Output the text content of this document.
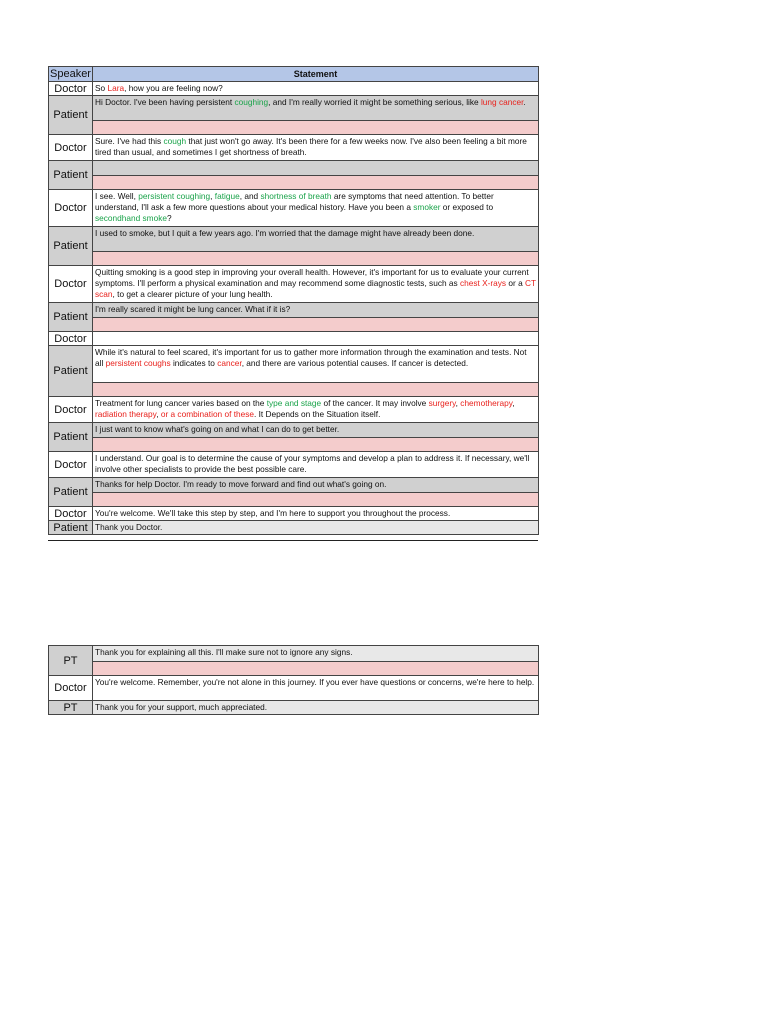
Speaker	Statement
Doctor	So Lara, how you are feeling now?
Patient	Hi Doctor. I've been having persistent coughing, and I'm really worried it might be something serious, like lung cancer.

Doctor	Sure. I've had this cough that just won't go away. It's been there for a few weeks now. I've also been feeling a bit more tired than usual, and sometimes I get shortness of breath.
Patient	

Doctor	I see. Well, persistent coughing, fatigue, and shortness of breath are symptoms that need attention. To better understand, I'll ask a few more questions about your medical history. Have you been a smoker or exposed to secondhand smoke?
Patient	I used to smoke, but I quit a few years ago. I'm worried that the damage might have already been done.

Doctor	Quitting smoking is a good step in improving your overall health. However, it's important for us to evaluate your current symptoms. I'll perform a physical examination and may recommend some diagnostic tests, such as chest X-rays or a CT scan, to get a clearer picture of your lung health.
Patient	I'm really scared it might be lung cancer. What if it is?

Doctor	
Patient	While it's natural to feel scared, it's important for us to gather more information through the examination and tests. Not all persistent coughs indicates to cancer, and there are various potential causes. If cancer is detected.

Doctor	Treatment for lung cancer varies based on the type and stage of the cancer. It may involve surgery, chemotherapy, radiation therapy, or a combination of these. It Depends on the Situation itself.
Patient	I just want to know what's going on and what I can do to get better.

Doctor	I understand. Our goal is to determine the cause of your symptoms and develop a plan to address it. If necessary, we'll involve other specialists to provide the best possible care.
Patient	Thanks for help Doctor. I'm ready to move forward and find out what's going on.

Doctor	You're welcome. We'll take this step by step, and I'm here to support you throughout the process.
Patient	Thank you Doctor.
PT	Thank you for explaining all this. I'll make sure not to ignore any signs.

Doctor	You're welcome. Remember, you're not alone in this journey. If you ever have questions or concerns, we're here to help.
PT	Thank you for your support, much appreciated.
